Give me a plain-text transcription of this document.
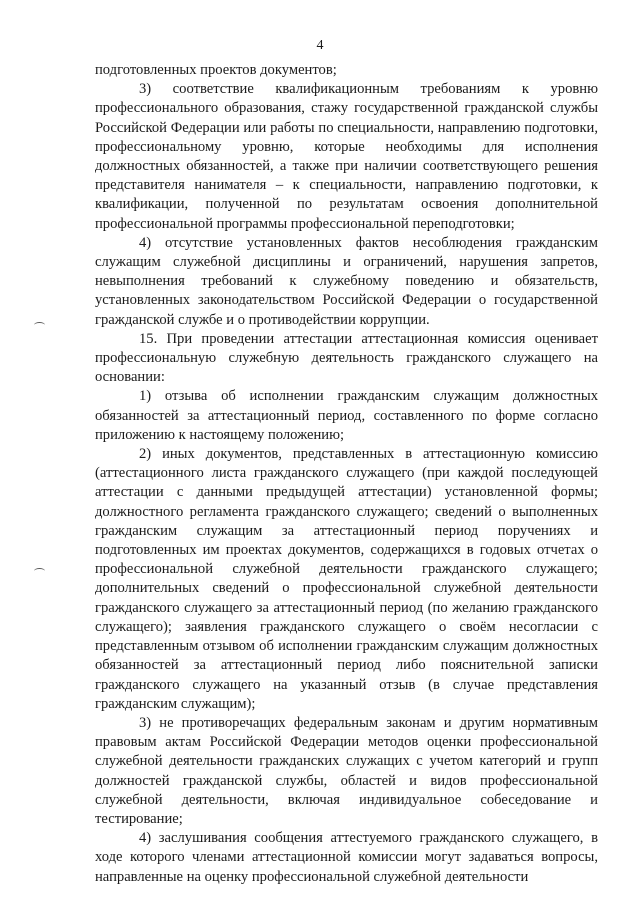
4

подготовленных проектов документов;

3) соответствие квалификационным требованиям к уровню профессионального образования, стажу государственной гражданской службы Российской Федерации или работы по специальности, направлению подготовки, профессиональному уровню, которые необходимы для исполнения должностных обязанностей, а также при наличии соответствующего решения представителя нанимателя – к специальности, направлению подготовки, к квалификации, полученной по результатам освоения дополнительной профессиональной программы профессиональной переподготовки;

4) отсутствие установленных фактов несоблюдения гражданским служащим служебной дисциплины и ограничений, нарушения запретов, невыполнения требований к служебному поведению и обязательств, установленных законодательством Российской Федерации о государственной гражданской службе и о противодействии коррупции.

15. При проведении аттестации аттестационная комиссия оценивает профессиональную служебную деятельность гражданского служащего на основании:

1) отзыва об исполнении гражданским служащим должностных обязанностей за аттестационный период, составленного по форме согласно приложению к настоящему положению;

2) иных документов, представленных в аттестационную комиссию (аттестационного листа гражданского служащего (при каждой последующей аттестации с данными предыдущей аттестации) установленной формы; должностного регламента гражданского служащего; сведений о выполненных гражданским служащим за аттестационный период поручениях и подготовленных им проектах документов, содержащихся в годовых отчетах о профессиональной служебной деятельности гражданского служащего; дополнительных сведений о профессиональной служебной деятельности гражданского служащего за аттестационный период (по желанию гражданского служащего); заявления гражданского служащего о своём несогласии с представленным отзывом об исполнении гражданским служащим должностных обязанностей за аттестационный период либо пояснительной записки гражданского служащего на указанный отзыв (в случае представления гражданским служащим);

3) не противоречащих федеральным законам и другим нормативным правовым актам Российской Федерации методов оценки профессиональной служебной деятельности гражданских служащих с учетом категорий и групп должностей гражданской службы, областей и видов профессиональной служебной деятельности, включая индивидуальное собеседование и тестирование;

4) заслушивания сообщения аттестуемого гражданского служащего, в ходе которого членами аттестационной комиссии могут задаваться вопросы, направленные на оценку профессиональной служебной деятельности
